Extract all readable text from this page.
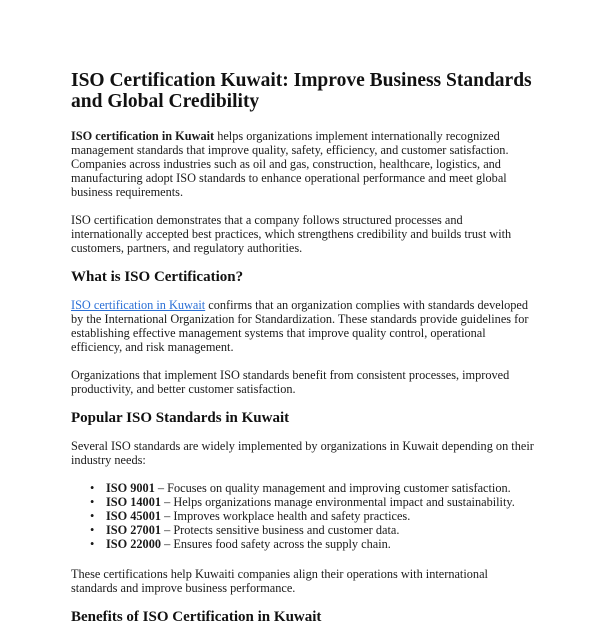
ISO Certification Kuwait: Improve Business Standards and Global Credibility

ISO certification in Kuwait helps organizations implement internationally recognized management standards that improve quality, safety, efficiency, and customer satisfaction. Companies across industries such as oil and gas, construction, healthcare, logistics, and manufacturing adopt ISO standards to enhance operational performance and meet global business requirements.

ISO certification demonstrates that a company follows structured processes and internationally accepted best practices, which strengthens credibility and builds trust with customers, partners, and regulatory authorities.

What is ISO Certification?

ISO certification in Kuwait confirms that an organization complies with standards developed by the International Organization for Standardization. These standards provide guidelines for establishing effective management systems that improve quality control, operational efficiency, and risk management.

Organizations that implement ISO standards benefit from consistent processes, improved productivity, and better customer satisfaction.

Popular ISO Standards in Kuwait

Several ISO standards are widely implemented by organizations in Kuwait depending on their industry needs:

• ISO 9001 – Focuses on quality management and improving customer satisfaction.
• ISO 14001 – Helps organizations manage environmental impact and sustainability.
• ISO 45001 – Improves workplace health and safety practices.
• ISO 27001 – Protects sensitive business and customer data.
• ISO 22000 – Ensures food safety across the supply chain.

These certifications help Kuwaiti companies align their operations with international standards and improve business performance.

Benefits of ISO Certification in Kuwait
